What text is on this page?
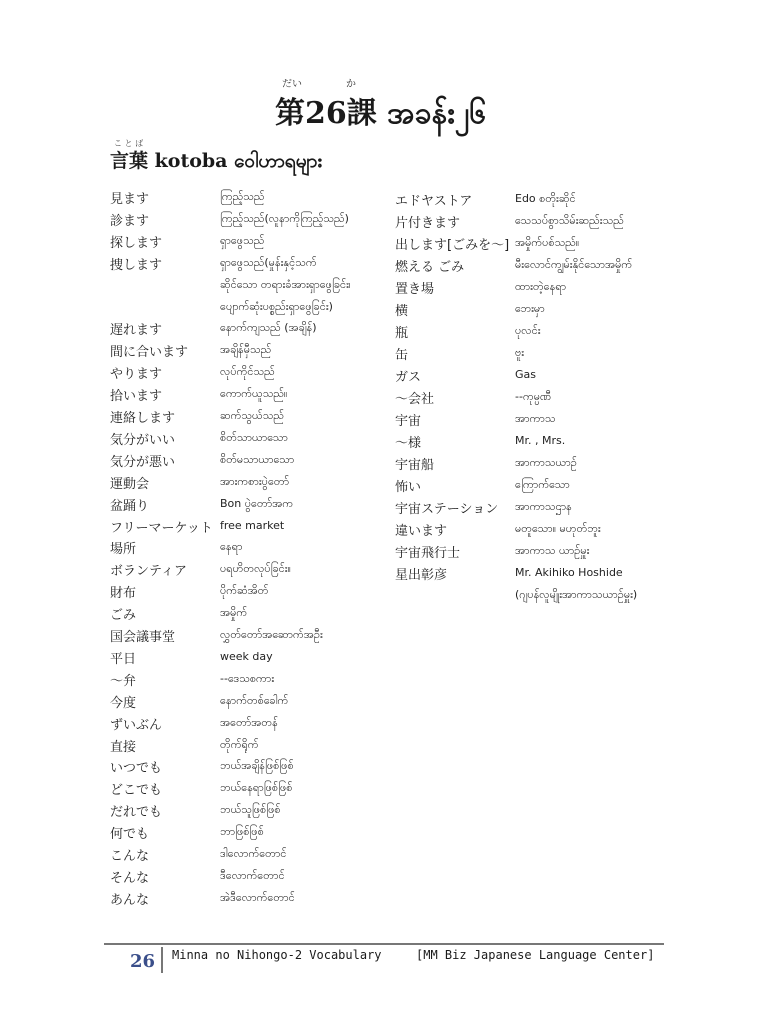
だい	か
第26課 အခန်း၂၆
こ と ば
言葉 kotoba ဝေါဟာရများ
見ます	ကြည့်သည်
診ます	ကြည့်သည်(လူနာကိုကြည့်သည်)
探します	ရှာဖွေသည်
捜します	ရှာဖွေသည်(မှုန်းနှင့်သက်
ဆိုင်သော တရားခံအားရှာဖွေခြင်း၊
ပျောက်ဆုံးပစ္စည်းရှာဖွေခြင်း)
遅れます	နောက်ကျသည် (အချိန်)
間に合います	အချိန်မှီသည်
やります	လုပ်ကိုင်သည်
拾います	ကောက်ယူသည်။
連絡します	ဆက်သွယ်သည်
気分がいい	စိတ်သာယာသော
気分が悪い	စိတ်မသာယာသော
運動会	အားကစားပွဲတော်
盆踊り	Bon ပွဲတော်အက
フリーマーケット free market
場所	နေရာ
ボランティア	ပရဟိတလုပ်ခြင်း။
財布	ပိုက်ဆံအိတ်
ごみ	အမှိုက်
国会議事堂	လွှတ်တော်အဆောက်အဦး
平日	week day
～弁	--ဒေသစကား
今度	နောက်တစ်ခေါက်
ずいぶん	အတော်အတန်
直接	တိုက်ရိုက်
いつでも	ဘယ်အချိန်ဖြစ်ဖြစ်
どこでも	ဘယ်နေရာဖြစ်ဖြစ်
だれでも	ဘယ်သူဖြစ်ဖြစ်
何でも	ဘာဖြစ်ဖြစ်
こんな	ဒါလောက်တောင်
そんな	ဒီလောက်တောင်
あんな	အဲဒီလောက်တောင်
エドヤストア	Edo စတိုးဆိုင်
片付きます	သေသပ်စွာသိမ်းဆည်းသည်
出します[ごみを～] အမှိုက်ပစ်သည်။
燃える ごみ	မီးလောင်ကျွမ်းနိုင်သောအမှိုက်
置き場	ထားတဲ့နေရာ
横	ဘေးမှာ
瓶	ပုလင်း
缶	ဗူး
ガス	Gas
～会社	--ကုမ္ပဏီ
宇宙	အာကာသ
～様	Mr. , Mrs.
宇宙船	အာကာသယာဉ်
怖い	ကြောက်သော
宇宙ステーション အာကာသဌာန
違います	မတူသော။ မဟုတ်ဘူး
宇宙飛行士	အာကာသ ယာဉ်မှူး
星出彰彦	Mr. Akihiko Hoshide
(ဂျပန်လူမျိုးအာကာသယာဉ်မှူး)
26 Minna no Nihongo-2 Vocabulary	[MM Biz Japanese Language Center]
